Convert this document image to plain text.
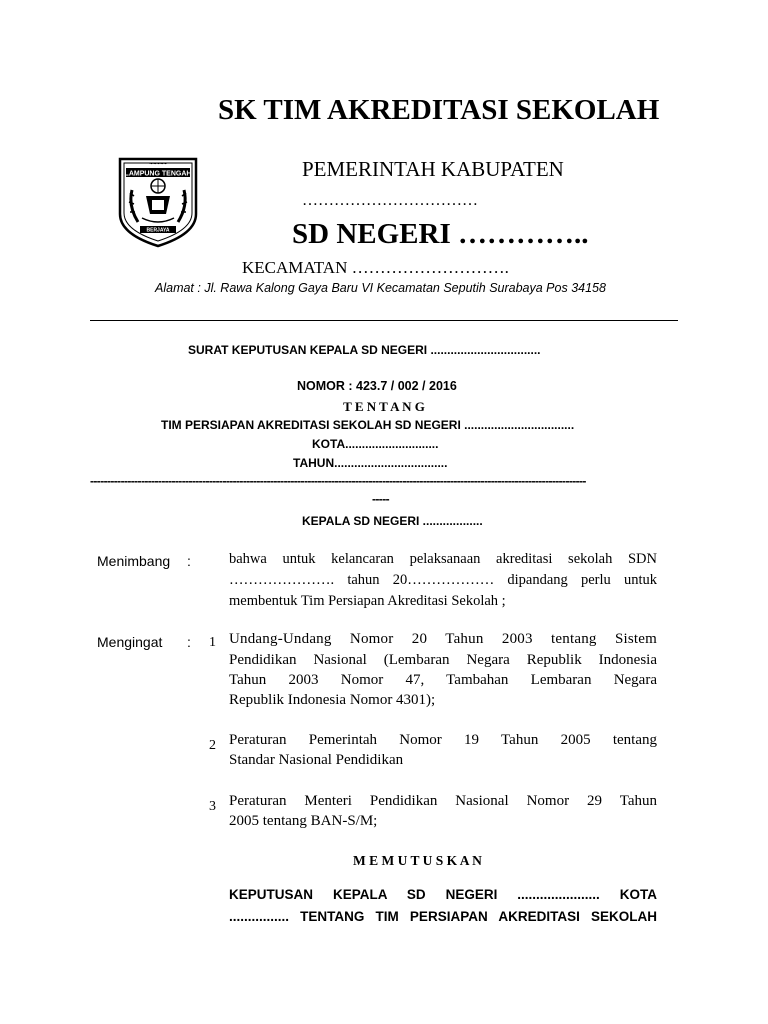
SK TIM AKREDITASI SEKOLAH
LAMPUNG TENGAH
~~~~~
BERJAYA
PEMERINTAH KABUPATEN
……………………………
SD NEGERI …………..
KECAMATAN ……………………….
Alamat : Jl. Rawa Kalong Gaya Baru VI Kecamatan Seputih Surabaya Pos 34158
SURAT KEPUTUSAN KEPALA SD NEGERI .................................
NOMOR : 423.7 / 002 / 2016
T E N T A N G
TIM PERSIAPAN AKREDITASI SEKOLAH SD NEGERI .................................
KOTA............................
TAHUN..................................
--------------------------------------------------------------------------------------------------------------------------------------------------
-----
KEPALA SD NEGERI ..................
Menimbang :	bahwa untuk kelancaran pelaksanaan akreditasi sekolah SDN
…………………. tahun 20……………… dipandang perlu untuk
membentuk Tim Persiapan Akreditasi Sekolah ;
Mengingat : 1 Undang-Undang Nomor 20 Tahun 2003 tentang Sistem
Pendidikan Nasional (Lembaran Negara Republik Indonesia
Tahun 2003 Nomor 47, Tambahan Lembaran Negara
Republik Indonesia Nomor 4301);
2 Peraturan Pemerintah Nomor 19 Tahun 2005 tentang
Standar Nasional Pendidikan
3 Peraturan Menteri Pendidikan Nasional Nomor 29 Tahun
2005 tentang BAN-S/M;
M E M U T U S K A N
KEPUTUSAN KEPALA SD NEGERI ...................... KOTA
................ TENTANG TIM PERSIAPAN AKREDITASI SEKOLAH
